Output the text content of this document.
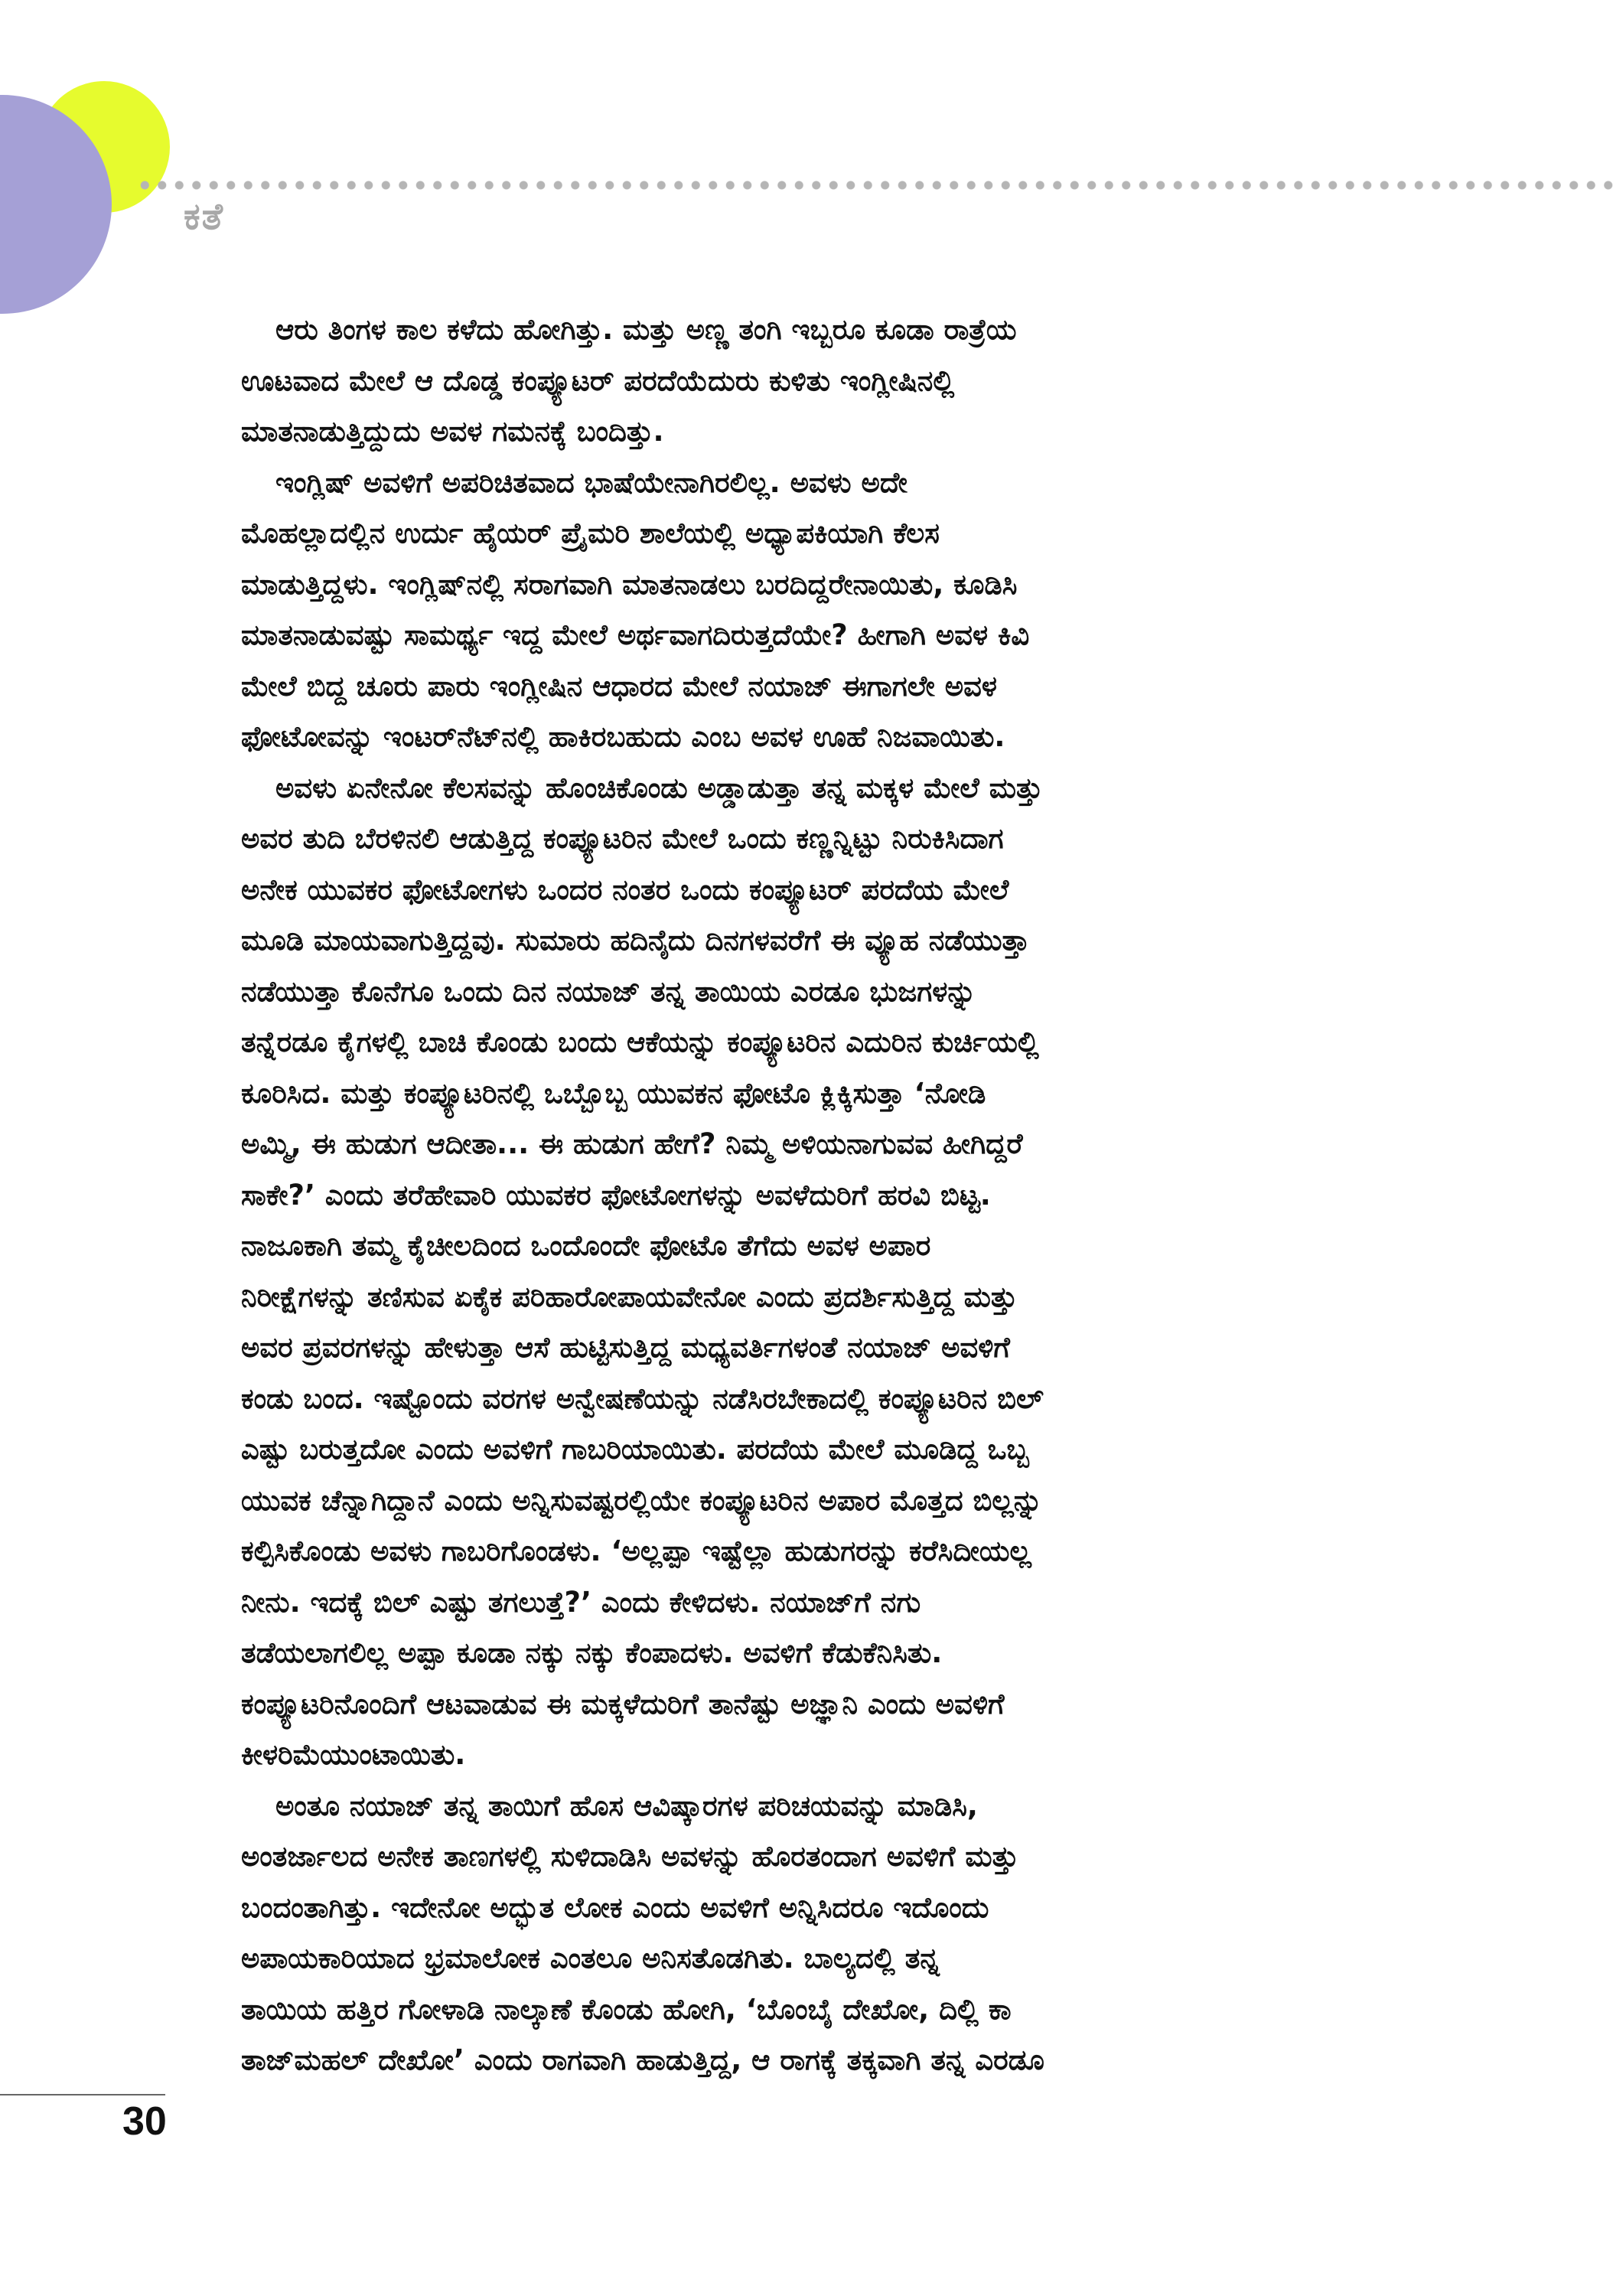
ಕತೆ
ಆರು ತಿಂಗಳ ಕಾಲ ಕಳೆದು ಹೋಗಿತ್ತು. ಮತ್ತು ಅಣ್ಣ ತಂಗಿ ಇಬ್ಬರೂ ಕೂಡಾ ರಾತ್ರೆಯ
ಊಟವಾದ ಮೇಲೆ ಆ ದೊಡ್ಡ ಕಂಪ್ಯೂಟರ್ ಪರದೆಯೆದುರು ಕುಳಿತು ಇಂಗ್ಲೀಷಿನಲ್ಲಿ
ಮಾತನಾಡುತ್ತಿದ್ದುದು ಅವಳ ಗಮನಕ್ಕೆ ಬಂದಿತ್ತು.
ಇಂಗ್ಲಿಷ್ ಅವಳಿಗೆ ಅಪರಿಚಿತವಾದ ಭಾಷೆಯೇನಾಗಿರಲಿಲ್ಲ. ಅವಳು ಅದೇ
ಮೊಹಲ್ಲಾದಲ್ಲಿನ ಉರ್ದು ಹೈಯರ್ ಪ್ರೈಮರಿ ಶಾಲೆಯಲ್ಲಿ ಅಧ್ಯಾಪಕಿಯಾಗಿ ಕೆಲಸ
ಮಾಡುತ್ತಿದ್ದಳು. ಇಂಗ್ಲಿಷ್‌ನಲ್ಲಿ ಸರಾಗವಾಗಿ ಮಾತನಾಡಲು ಬರದಿದ್ದರೇನಾಯಿತು, ಕೂಡಿಸಿ
ಮಾತನಾಡುವಷ್ಟು ಸಾಮರ್ಥ್ಯ ಇದ್ದ ಮೇಲೆ ಅರ್ಥವಾಗದಿರುತ್ತದೆಯೇ? ಹೀಗಾಗಿ ಅವಳ ಕಿವಿ
ಮೇಲೆ ಬಿದ್ದ ಚೂರು ಪಾರು ಇಂಗ್ಲೀಷಿನ ಆಧಾರದ ಮೇಲೆ ನಯಾಜ್ ಈಗಾಗಲೇ ಅವಳ
ಫೋಟೋವನ್ನು ಇಂಟರ್‌ನೆಟ್‌ನಲ್ಲಿ ಹಾಕಿರಬಹುದು ಎಂಬ ಅವಳ ಊಹೆ ನಿಜವಾಯಿತು.
ಅವಳು ಏನೇನೋ ಕೆಲಸವನ್ನು ಹೊಂಚಿಕೊಂಡು ಅಡ್ಡಾಡುತ್ತಾ ತನ್ನ ಮಕ್ಕಳ ಮೇಲೆ ಮತ್ತು
ಅವರ ತುದಿ ಬೆರಳಿನಲಿ ಆಡುತ್ತಿದ್ದ ಕಂಪ್ಯೂಟರಿನ ಮೇಲೆ ಒಂದು ಕಣ್ಣನ್ನಿಟ್ಟು ನಿರುಕಿಸಿದಾಗ
ಅನೇಕ ಯುವಕರ ಫೋಟೋಗಳು ಒಂದರ ನಂತರ ಒಂದು ಕಂಪ್ಯೂಟರ್ ಪರದೆಯ ಮೇಲೆ
ಮೂಡಿ ಮಾಯವಾಗುತ್ತಿದ್ದವು. ಸುಮಾರು ಹದಿನೈದು ದಿನಗಳವರೆಗೆ ಈ ವ್ಯೂಹ ನಡೆಯುತ್ತಾ
ನಡೆಯುತ್ತಾ ಕೊನೆಗೂ ಒಂದು ದಿನ ನಯಾಜ್ ತನ್ನ ತಾಯಿಯ ಎರಡೂ ಭುಜಗಳನ್ನು
ತನ್ನೆರಡೂ ಕೈಗಳಲ್ಲಿ ಬಾಚಿ ಕೊಂಡು ಬಂದು ಆಕೆಯನ್ನು ಕಂಪ್ಯೂಟರಿನ ಎದುರಿನ ಕುರ್ಚಿಯಲ್ಲಿ
ಕೂರಿಸಿದ. ಮತ್ತು ಕಂಪ್ಯೂಟರಿನಲ್ಲಿ ಒಬ್ಬೊಬ್ಬ ಯುವಕನ ಫೋಟೊ ಕ್ಲಿಕ್ಕಿಸುತ್ತಾ ‘ನೋಡಿ
ಅಮ್ಮಿ, ಈ ಹುಡುಗ ಆದೀತಾ... ಈ ಹುಡುಗ ಹೇಗೆ? ನಿಮ್ಮ ಅಳಿಯನಾಗುವವ ಹೀಗಿದ್ದರೆ
ಸಾಕೇ?’ ಎಂದು ತರೆಹೇವಾರಿ ಯುವಕರ ಫೋಟೋಗಳನ್ನು ಅವಳೆದುರಿಗೆ ಹರವಿ ಬಿಟ್ಟ.
ನಾಜೂಕಾಗಿ ತಮ್ಮ ಕೈಚೀಲದಿಂದ ಒಂದೊಂದೇ ಫೋಟೊ ತೆಗೆದು ಅವಳ ಅಪಾರ
ನಿರೀಕ್ಷೆಗಳನ್ನು ತಣಿಸುವ ಏಕೈಕ ಪರಿಹಾರೋಪಾಯವೇನೋ ಎಂದು ಪ್ರದರ್ಶಿಸುತ್ತಿದ್ದ ಮತ್ತು
ಅವರ ಪ್ರವರಗಳನ್ನು ಹೇಳುತ್ತಾ ಆಸೆ ಹುಟ್ಟಿಸುತ್ತಿದ್ದ ಮಧ್ಯವರ್ತಿಗಳಂತೆ ನಯಾಜ್ ಅವಳಿಗೆ
ಕಂಡು ಬಂದ. ಇಷ್ಟೊಂದು ವರಗಳ ಅನ್ವೇಷಣೆಯನ್ನು ನಡೆಸಿರಬೇಕಾದಲ್ಲಿ ಕಂಪ್ಯೂಟರಿನ ಬಿಲ್
ಎಷ್ಟು ಬರುತ್ತದೋ ಎಂದು ಅವಳಿಗೆ ಗಾಬರಿಯಾಯಿತು. ಪರದೆಯ ಮೇಲೆ ಮೂಡಿದ್ದ ಒಬ್ಬ
ಯುವಕ ಚೆನ್ನಾಗಿದ್ದಾನೆ ಎಂದು ಅನ್ನಿಸುವಷ್ಟರಲ್ಲಿಯೇ ಕಂಪ್ಯೂಟರಿನ ಅಪಾರ ಮೊತ್ತದ ಬಿಲ್ಲನ್ನು
ಕಲ್ಪಿಸಿಕೊಂಡು ಅವಳು ಗಾಬರಿಗೊಂಡಳು. ‘ಅಲ್ಲಪ್ಪಾ ಇಷ್ಟೆಲ್ಲಾ ಹುಡುಗರನ್ನು ಕರೆಸಿದೀಯಲ್ಲ
ನೀನು. ಇದಕ್ಕೆ ಬಿಲ್ ಎಷ್ಟು ತಗಲುತ್ತೆ?’ ಎಂದು ಕೇಳಿದಳು. ನಯಾಜ್‌ಗೆ ನಗು
ತಡೆಯಲಾಗಲಿಲ್ಲ ಅಪ್ಪಾ ಕೂಡಾ ನಕ್ಕು ನಕ್ಕು ಕೆಂಪಾದಳು. ಅವಳಿಗೆ ಕೆಡುಕೆನಿಸಿತು.
ಕಂಪ್ಯೂಟರಿನೊಂದಿಗೆ ಆಟವಾಡುವ ಈ ಮಕ್ಕಳೆದುರಿಗೆ ತಾನೆಷ್ಟು ಅಜ್ಞಾನಿ ಎಂದು ಅವಳಿಗೆ
ಕೀಳರಿಮೆಯುಂಟಾಯಿತು.
ಅಂತೂ ನಯಾಜ್ ತನ್ನ ತಾಯಿಗೆ ಹೊಸ ಆವಿಷ್ಕಾರಗಳ ಪರಿಚಯವನ್ನು ಮಾಡಿಸಿ,
ಅಂತರ್ಜಾಲದ ಅನೇಕ ತಾಣಗಳಲ್ಲಿ ಸುಳಿದಾಡಿಸಿ ಅವಳನ್ನು ಹೊರತಂದಾಗ ಅವಳಿಗೆ ಮತ್ತು
ಬಂದಂತಾಗಿತ್ತು. ಇದೇನೋ ಅದ್ಭುತ ಲೋಕ ಎಂದು ಅವಳಿಗೆ ಅನ್ನಿಸಿದರೂ ಇದೊಂದು
ಅಪಾಯಕಾರಿಯಾದ ಭ್ರಮಾಲೋಕ ಎಂತಲೂ ಅನಿಸತೊಡಗಿತು. ಬಾಲ್ಯದಲ್ಲಿ ತನ್ನ
ತಾಯಿಯ ಹತ್ತಿರ ಗೋಳಾಡಿ ನಾಲ್ಕಾಣೆ ಕೊಂಡು ಹೋಗಿ, ‘ಬೊಂಬೈ ದೇಖೋ, ದಿಲ್ಲಿ ಕಾ
ತಾಜ್‌ಮಹಲ್ ದೇಖೋ’ ಎಂದು ರಾಗವಾಗಿ ಹಾಡುತ್ತಿದ್ದ, ಆ ರಾಗಕ್ಕೆ ತಕ್ಕವಾಗಿ ತನ್ನ ಎರಡೂ
30
